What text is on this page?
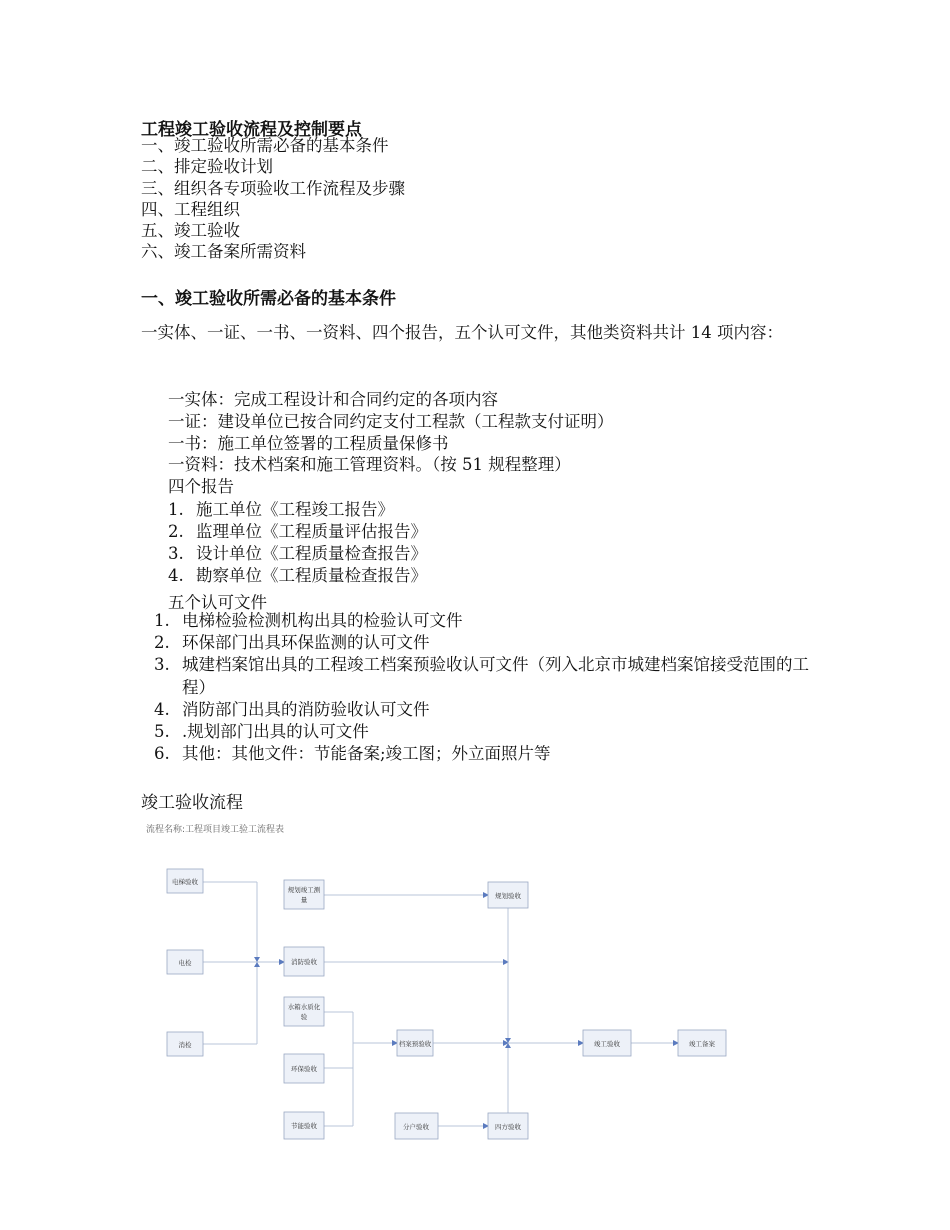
工程竣工验收流程及控制要点
一、竣工验收所需必备的基本条件
二、排定验收计划
三、组织各专项验收工作流程及步骤
四、工程组织
五、竣工验收
六、竣工备案所需资料
一、竣工验收所需必备的基本条件
一实体、一证、一书、一资料、四个报告，五个认可文件，其他类资料共计 14 项内容：
一实体：完成工程设计和合同约定的各项内容
一证：建设单位已按合同约定支付工程款（工程款支付证明）
一书：施工单位签署的工程质量保修书
一资料：技术档案和施工管理资料。（按 51 规程整理）
四个报告
1. 施工单位《工程竣工报告》
2. 监理单位《工程质量评估报告》
3. 设计单位《工程质量检查报告》
4. 勘察单位《工程质量检查报告》
五个认可文件
1. 电梯检验检测机构出具的检验认可文件
2. 环保部门出具环保监测的认可文件
3. 城建档案馆出具的工程竣工档案预验收认可文件（列入北京市城建档案馆接受范围的工程）
4. 消防部门出具的消防验收认可文件
5. .规划部门出具的认可文件
6. 其他：其他文件：节能备案;竣工图；外立面照片等
竣工验收流程
流程名称:工程项目竣工验工流程表
电梯验收
电检
消检
规划竣工测
量
消防验收
水箱水质化
验
环保验收
节能验收
档案预验收
分户验收
规划验收
四方验收
竣工验收	竣工备案
